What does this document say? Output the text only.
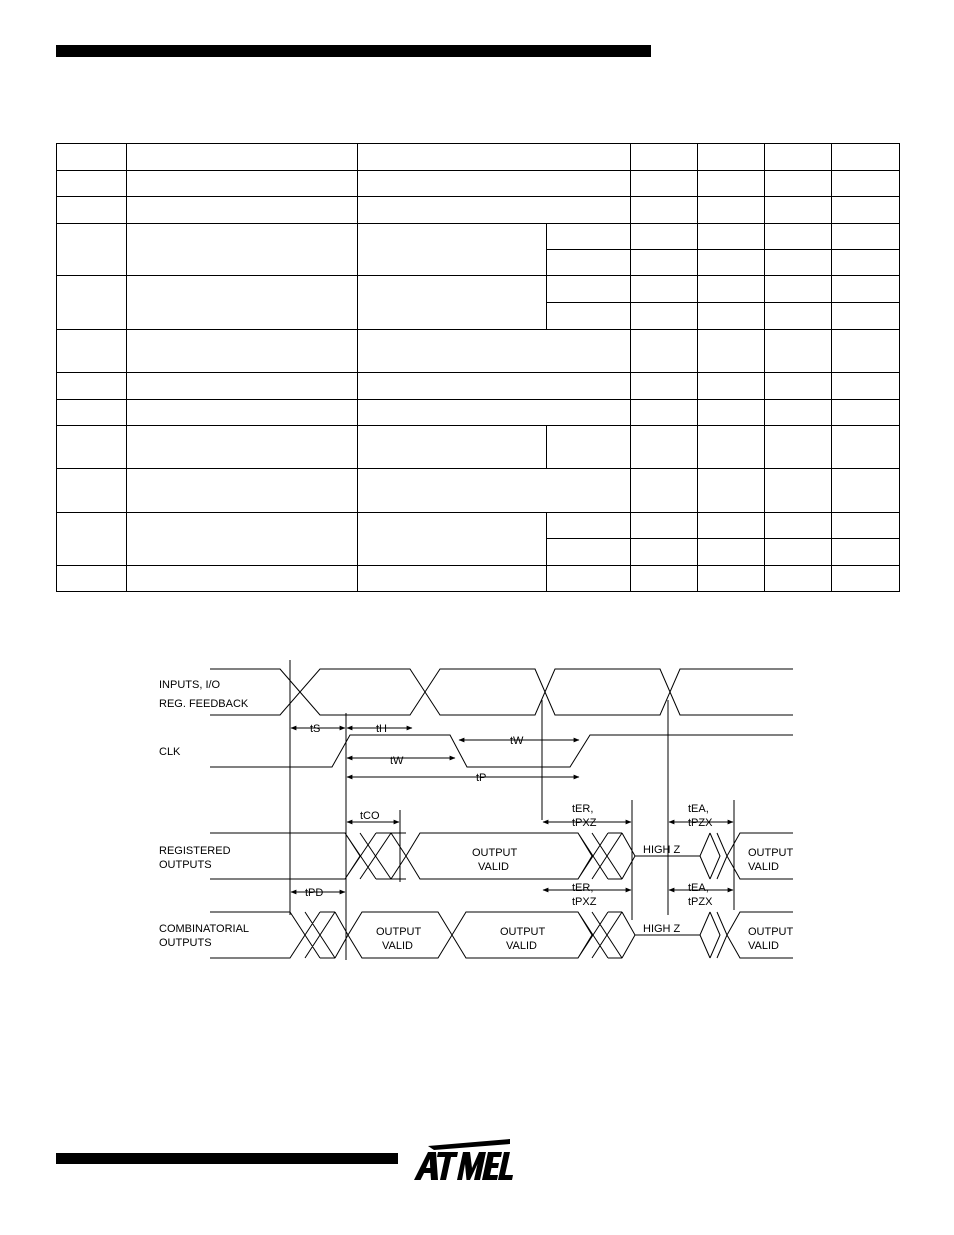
INPUTS, I/O
REG. FEEDBACK
CLK
REGISTERED
OUTPUTS
COMBINATORIAL
OUTPUTS
tS	tH
tW
tW
tP
tCO
tER,
tPXZ
tEA,
tPZX
tPD	tER,
tPXZ
tEA,
tPZX
OUTPUT
VALID
HIGH Z	OUTPUT
VALID
OUTPUT
VALID
OUTPUT
VALID
HIGH Z	OUTPUT
VALID
